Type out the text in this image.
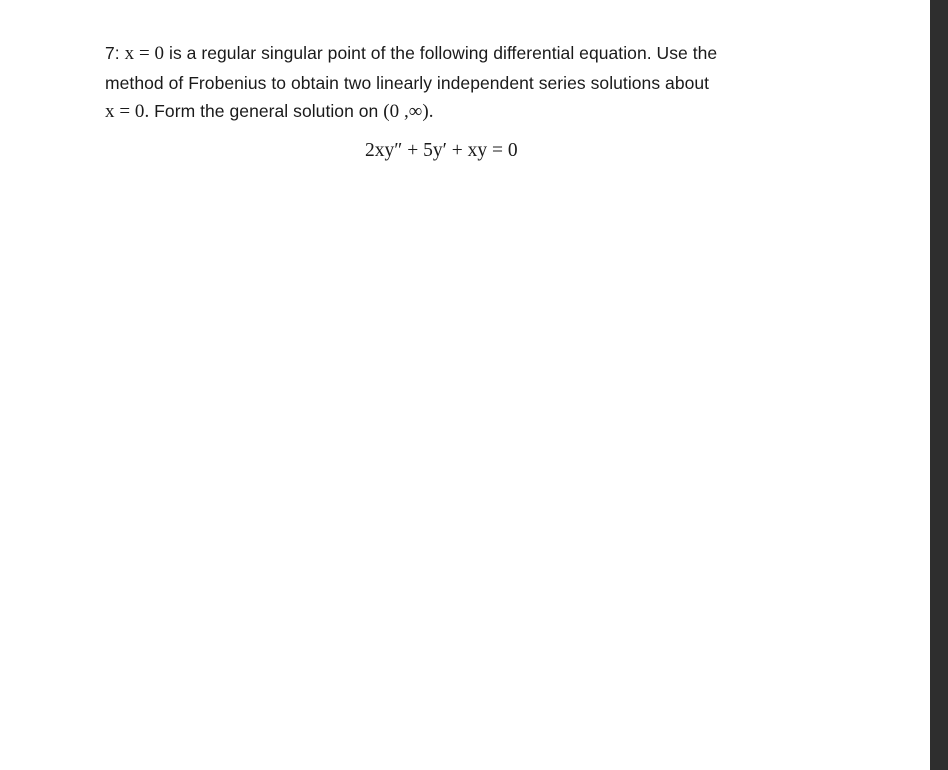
7: x = 0 is a regular singular point of the following differential equation. Use the
method of Frobenius to obtain two linearly independent series solutions about
x = 0. Form the general solution on (0 ,∞).
2xy″ + 5y′ + xy = 0
